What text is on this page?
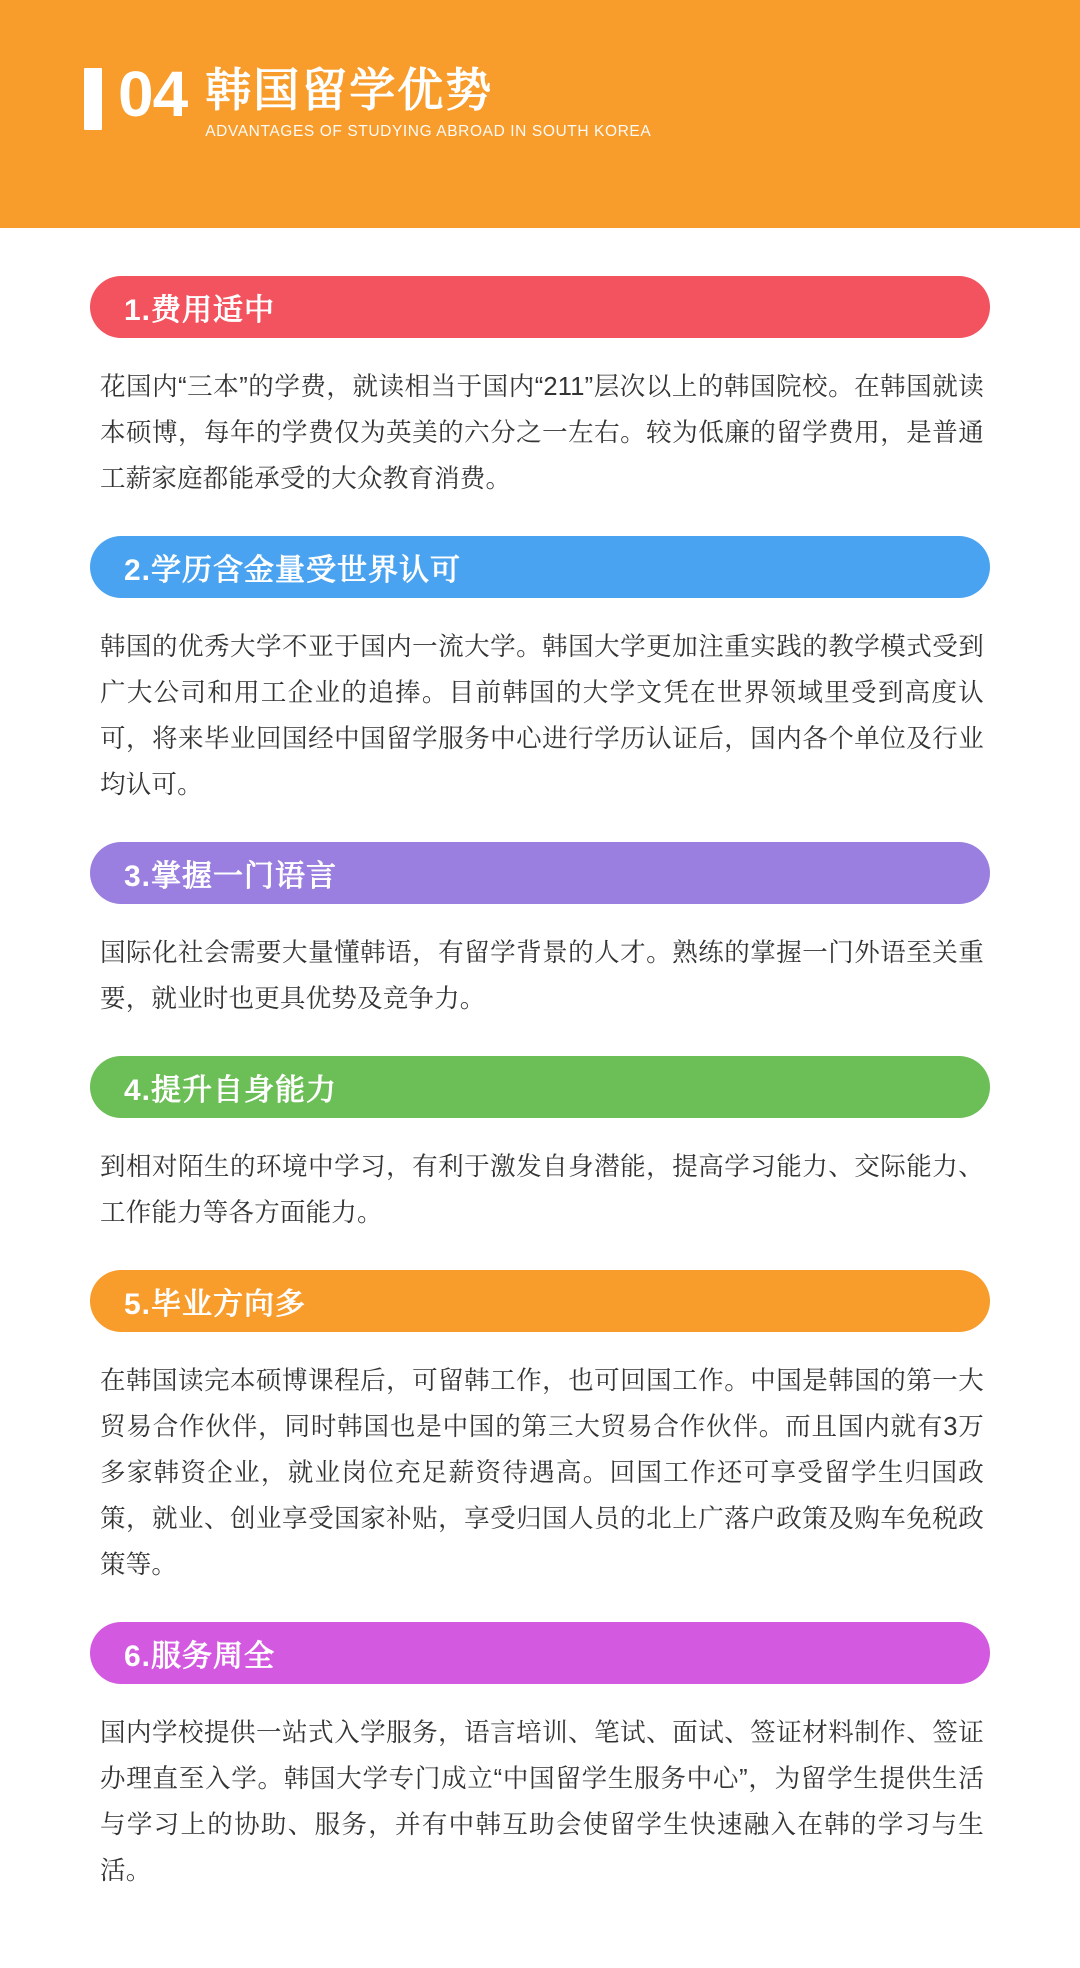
04 韩国留学优势
ADVANTAGES OF STUDYING ABROAD IN SOUTH KOREA
1.费用适中
花国内“三本”的学费，就读相当于国内“211”层次以上的韩国院校。在韩国就读本硕博，每年的学费仅为英美的六分之一左右。较为低廉的留学费用，是普通工薪家庭都能承受的大众教育消费。
2.学历含金量受世界认可
韩国的优秀大学不亚于国内一流大学。韩国大学更加注重实践的教学模式受到广大公司和用工企业的追捧。目前韩国的大学文凭在世界领域里受到高度认可，将来毕业回国经中国留学服务中心进行学历认证后，国内各个单位及行业均认可。
3.掌握一门语言
国际化社会需要大量懂韩语，有留学背景的人才。熟练的掌握一门外语至关重要，就业时也更具优势及竞争力。
4.提升自身能力
到相对陌生的环境中学习，有利于激发自身潜能，提高学习能力、交际能力、工作能力等各方面能力。
5.毕业方向多
在韩国读完本硕博课程后，可留韩工作，也可回国工作。中国是韩国的第一大贸易合作伙伴，同时韩国也是中国的第三大贸易合作伙伴。而且国内就有3万多家韩资企业，就业岗位充足薪资待遇高。回国工作还可享受留学生归国政策，就业、创业享受国家补贴，享受归国人员的北上广落户政策及购车免税政策等。
6.服务周全
国内学校提供一站式入学服务，语言培训、笔试、面试、签证材料制作、签证办理直至入学。韩国大学专门成立“中国留学生服务中心”，为留学生提供生活与学习上的协助、服务，并有中韩互助会使留学生快速融入在韩的学习与生活。
